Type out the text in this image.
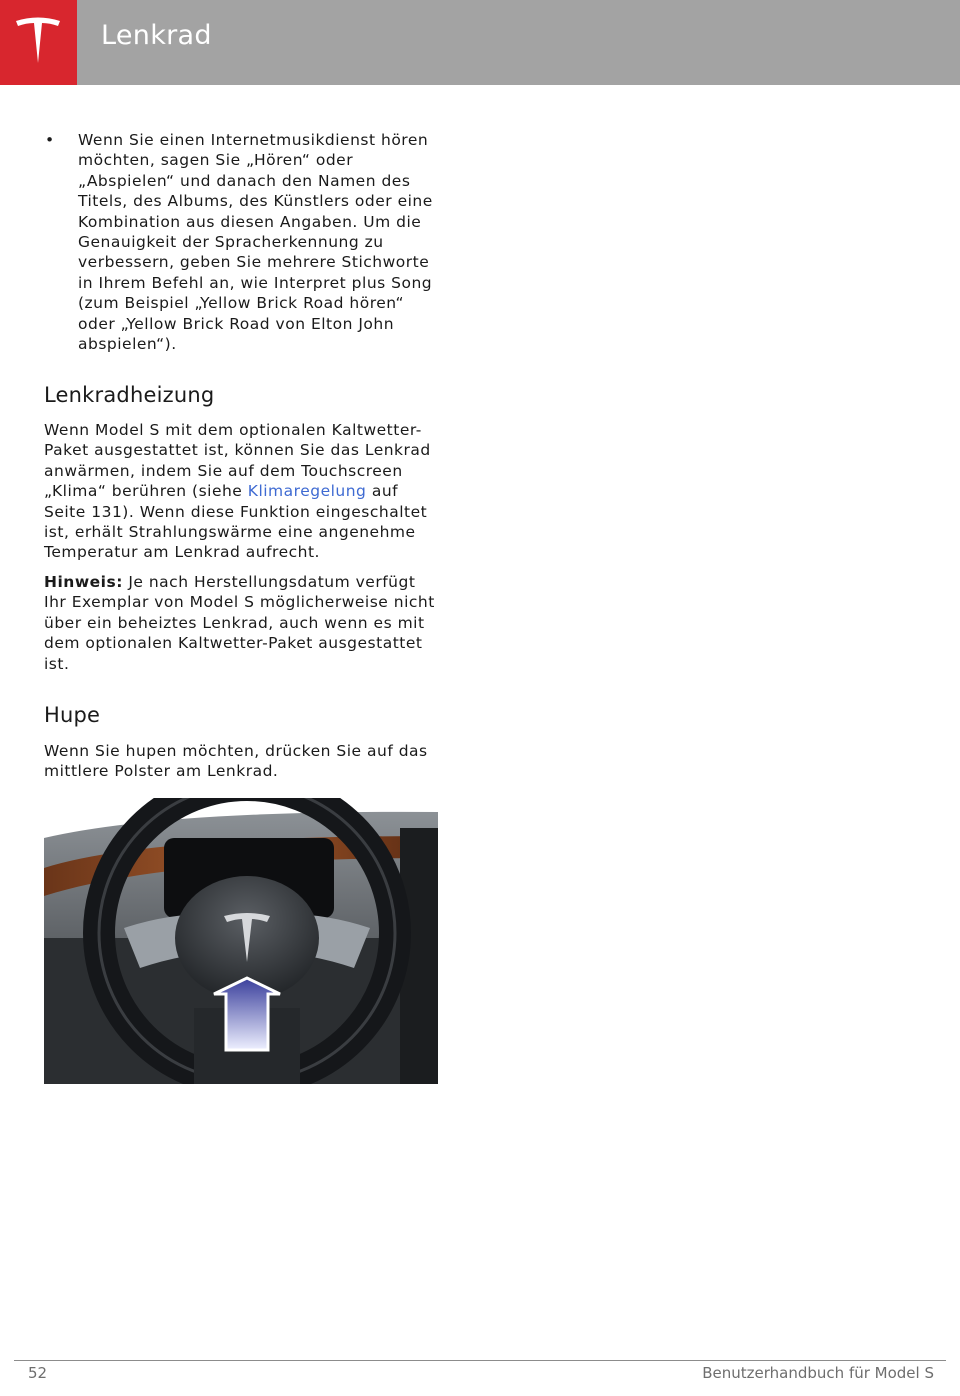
Lenkrad
• Wenn Sie einen Internetmusikdienst hören möchten, sagen Sie „Hören“ oder „Abspielen“ und danach den Namen des Titels, des Albums, des Künstlers oder eine Kombination aus diesen Angaben. Um die Genauigkeit der Spracherkennung zu verbessern, geben Sie mehrere Stichworte in Ihrem Befehl an, wie Interpret plus Song (zum Beispiel „Yellow Brick Road hören“ oder „Yellow Brick Road von Elton John abspielen“).
Lenkradheizung

Wenn Model S mit dem optionalen Kaltwetter-Paket ausgestattet ist, können Sie das Lenkrad anwärmen, indem Sie auf dem Touchscreen „Klima“ berühren (siehe Klimaregelung auf Seite 131). Wenn diese Funktion eingeschaltet ist, erhält Strahlungswärme eine angenehme Temperatur am Lenkrad aufrecht.

Hinweis: Je nach Herstellungsdatum verfügt Ihr Exemplar von Model S möglicherweise nicht über ein beheiztes Lenkrad, auch wenn es mit dem optionalen Kaltwetter-Paket ausgestattet ist.

Hupe

Wenn Sie hupen möchten, drücken Sie auf das mittlere Polster am Lenkrad.

52	Benutzerhandbuch für Model S
